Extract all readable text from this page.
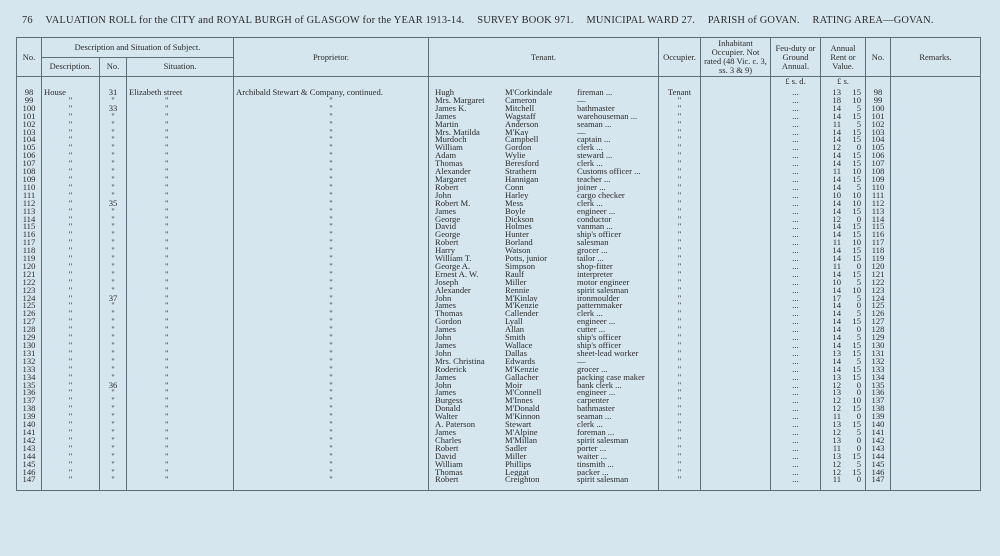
76 VALUATION ROLL for the CITY and ROYAL BURGH of GLASGOW for the YEAR 1913-14. SURVEY BOOK 971. MUNICIPAL WARD 27. PARISH of GOVAN. RATING AREA—GOVAN.
No.	Description and Situation of Subject.			Proprietor.	Tenant.	Occupier.	Inhabitant Occupier. Not rated (48 Vic. c. 3, ss. 3 & 9)	Feu-duty or Ground Annual.	Annual Rent or Value.	No.	Remarks.
	Description.	No.	Situation.								
								£ s. d.	£ s.		
98	House	31	Elizabeth street	Archibald Stewart & Company, continued.	Hugh M'Corkindale fireman ...	Tenant		...	13 15	98	
99	"	"	"	"	Mrs. Margaret Cameron —	"		...	18 10	99	
100	"	33	"	"	James K. Mitchell bathmaster	"		...	14 5	100	
101	"	"	"	"	James Wagstaff warehouseman ...	"		...	14 15	101	
102	"	"	"	"	Martin Anderson seaman ...	"		...	11 5	102	
103	"	"	"	"	Mrs. Matilda M'Kay —	"		...	14 15	103	
104	"	"	"	"	Murdoch Campbell captain ...	"		...	14 15	104	
105	"	"	"	"	William Gordon clerk ...	"		...	12 0	105	
106	"	"	"	"	Adam Wylie steward ...	"		...	14 15	106	
107	"	"	"	"	Thomas Beresford clerk ...	"		...	14 15	107	
108	"	"	"	"	Alexander Strathern Customs officer ...	"		...	11 10	108	
109	"	"	"	"	Margaret Hannigan teacher ...	"		...	14 15	109	
110	"	"	"	"	Robert Conn joiner ...	"		...	14 5	110	
111	"	"	"	"	John Harley cargo checker	"		...	10 10	111	
112	"	35	"	"	Robert M. Mess clerk ...	"		...	14 10	112	
113	"	"	"	"	James Boyle engineer ...	"		...	14 15	113	
114	"	"	"	"	George Dickson conductor	"		...	12 0	114	
115	"	"	"	"	David Holmes vanman ...	"		...	14 15	115	
116	"	"	"	"	George Hunter ship's officer	"		...	14 15	116	
117	"	"	"	"	Robert Borland salesman	"		...	11 10	117	
118	"	"	"	"	Harry Watson grocer ...	"		...	14 15	118	
119	"	"	"	"	William T. Potts, junior tailor ...	"		...	14 15	119	
120	"	"	"	"	George A. Simpson shop-fitter	"		...	11 0	120	
121	"	"	"	"	Ernest A. W. Raulf interpreter	"		...	14 15	121	
122	"	"	"	"	Joseph Miller motor engineer	"		...	10 5	122	
123	"	"	"	"	Alexander Rennie spirit salesman	"		...	14 10	123	
124	"	37	"	"	John M'Kinlay ironmoulder	"		...	17 5	124	
125	"	"	"	"	James M'Kenzie patternmaker	"		...	14 0	125	
126	"	"	"	"	Thomas Callender clerk ...	"		...	14 5	126	
127	"	"	"	"	Gordon Lyall engineer ...	"		...	14 15	127	
128	"	"	"	"	James Allan cutter ...	"		...	14 0	128	
129	"	"	"	"	John Smith ship's officer	"		...	14 5	129	
130	"	"	"	"	James Wallace ship's officer	"		...	14 15	130	
131	"	"	"	"	John Dallas sheet-lead worker	"		...	13 15	131	
132	"	"	"	"	Mrs. Christina Edwards —	"		...	14 5	132	
133	"	"	"	"	Roderick M'Kenzie grocer ...	"		...	14 15	133	
134	"	"	"	"	James Gallacher packing case maker	"		...	13 15	134	
135	"	36	"	"	John Moir bank clerk ...	"		...	12 0	135	
136	"	"	"	"	James M'Connell engineer ...	"		...	13 0	136	
137	"	"	"	"	Burgess M'Innes carpenter	"		...	12 10	137	
138	"	"	"	"	Donald M'Donald bathmaster	"		...	12 15	138	
139	"	"	"	"	Walter M'Kinnon seaman ...	"		...	11 0	139	
140	"	"	"	"	A. Paterson Stewart clerk ...	"		...	13 15	140	
141	"	"	"	"	James M'Alpine foreman ...	"		...	12 5	141	
142	"	"	"	"	Charles M'Millan spirit salesman	"		...	13 0	142	
143	"	"	"	"	Robert Sadler porter ...	"		...	11 0	143	
144	"	"	"	"	David Miller waiter ...	"		...	13 15	144	
145	"	"	"	"	William Phillips tinsmith ...	"		...	12 5	145	
146	"	"	"	"	Thomas Leggat packer ...	"		...	12 15	146	
147	"	"	"	"	Robert Creighton spirit salesman	"		...	11 0	147	
